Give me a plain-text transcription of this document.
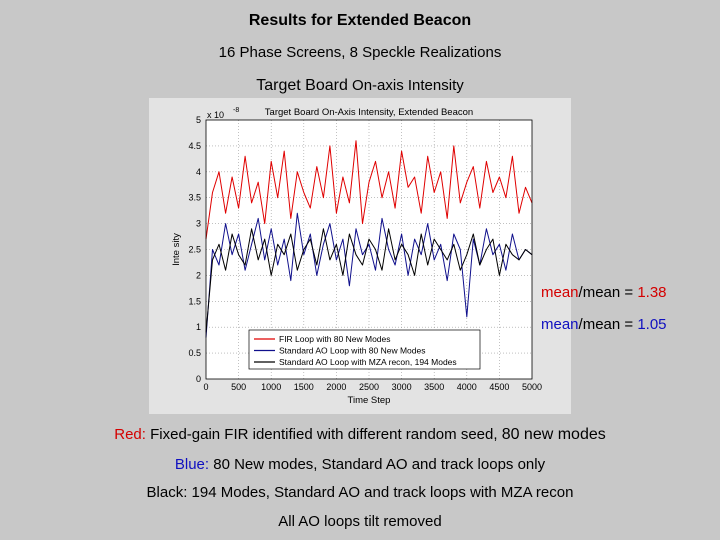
Results for Extended Beacon
16 Phase Screens, 8 Speckle Realizations
Target Board On-axis Intensity
0	500 1000 1500 2000 2500 3000 3500 4000 4500 5000
0
0.5
1
1.5
2
2.5
3
3.5
4
4.5
5
Target Board On-Axis Intensity, Extended Beacon
Time Step
Inte sity
x 10 -8
FIR Loop with 80 New Modes
Standard AO Loop with 80 New Modes
Standard AO Loop with MZA recon, 194 Modes
mean/mean = 1.38
mean/mean = 1.05
Red: Fixed-gain FIR identified with different random seed, 80 new modes
Blue: 80 New modes, Standard AO and track loops only
Black: 194 Modes, Standard AO and track loops with MZA recon
All AO loops tilt removed
